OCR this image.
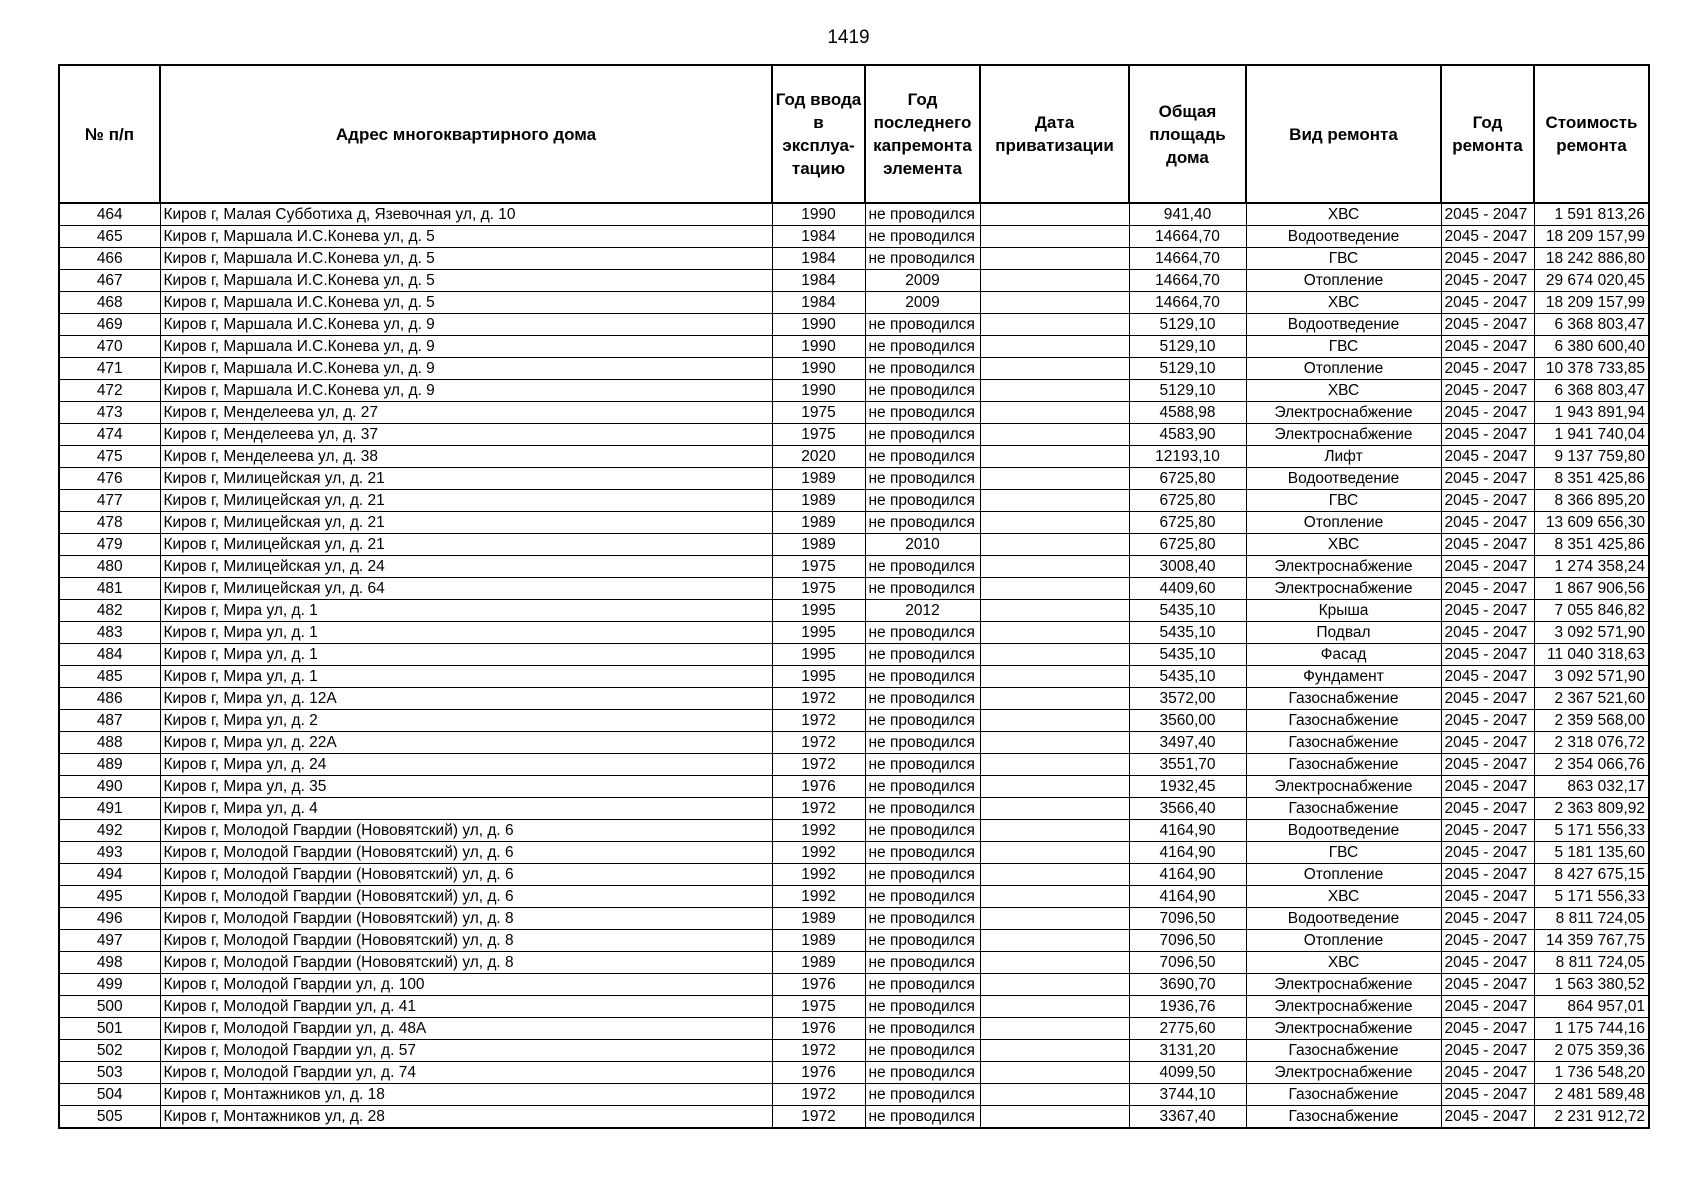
1419
№ п/п	Адрес многоквартирного дома	Год ввода в эксплуа-тацию	Год последнего капремонта элемента	Дата приватизации	Общая площадь дома	Вид ремонта	Год ремонта	Стоимость ремонта
464	Киров г, Малая Субботиха д, Язевочная ул, д. 10	1990	не проводился		941,40	ХВС	2045 - 2047	1 591 813,26
465	Киров г, Маршала И.С.Конева ул, д. 5	1984	не проводился		14664,70	Водоотведение	2045 - 2047	18 209 157,99
466	Киров г, Маршала И.С.Конева ул, д. 5	1984	не проводился		14664,70	ГВС	2045 - 2047	18 242 886,80
467	Киров г, Маршала И.С.Конева ул, д. 5	1984	2009		14664,70	Отопление	2045 - 2047	29 674 020,45
468	Киров г, Маршала И.С.Конева ул, д. 5	1984	2009		14664,70	ХВС	2045 - 2047	18 209 157,99
469	Киров г, Маршала И.С.Конева ул, д. 9	1990	не проводился		5129,10	Водоотведение	2045 - 2047	6 368 803,47
470	Киров г, Маршала И.С.Конева ул, д. 9	1990	не проводился		5129,10	ГВС	2045 - 2047	6 380 600,40
471	Киров г, Маршала И.С.Конева ул, д. 9	1990	не проводился		5129,10	Отопление	2045 - 2047	10 378 733,85
472	Киров г, Маршала И.С.Конева ул, д. 9	1990	не проводился		5129,10	ХВС	2045 - 2047	6 368 803,47
473	Киров г, Менделеева ул, д. 27	1975	не проводился		4588,98	Электроснабжение	2045 - 2047	1 943 891,94
474	Киров г, Менделеева ул, д. 37	1975	не проводился		4583,90	Электроснабжение	2045 - 2047	1 941 740,04
475	Киров г, Менделеева ул, д. 38	2020	не проводился		12193,10	Лифт	2045 - 2047	9 137 759,80
476	Киров г, Милицейская ул, д. 21	1989	не проводился		6725,80	Водоотведение	2045 - 2047	8 351 425,86
477	Киров г, Милицейская ул, д. 21	1989	не проводился		6725,80	ГВС	2045 - 2047	8 366 895,20
478	Киров г, Милицейская ул, д. 21	1989	не проводился		6725,80	Отопление	2045 - 2047	13 609 656,30
479	Киров г, Милицейская ул, д. 21	1989	2010		6725,80	ХВС	2045 - 2047	8 351 425,86
480	Киров г, Милицейская ул, д. 24	1975	не проводился		3008,40	Электроснабжение	2045 - 2047	1 274 358,24
481	Киров г, Милицейская ул, д. 64	1975	не проводился		4409,60	Электроснабжение	2045 - 2047	1 867 906,56
482	Киров г, Мира ул, д. 1	1995	2012		5435,10	Крыша	2045 - 2047	7 055 846,82
483	Киров г, Мира ул, д. 1	1995	не проводился		5435,10	Подвал	2045 - 2047	3 092 571,90
484	Киров г, Мира ул, д. 1	1995	не проводился		5435,10	Фасад	2045 - 2047	11 040 318,63
485	Киров г, Мира ул, д. 1	1995	не проводился		5435,10	Фундамент	2045 - 2047	3 092 571,90
486	Киров г, Мира ул, д. 12А	1972	не проводился		3572,00	Газоснабжение	2045 - 2047	2 367 521,60
487	Киров г, Мира ул, д. 2	1972	не проводился		3560,00	Газоснабжение	2045 - 2047	2 359 568,00
488	Киров г, Мира ул, д. 22А	1972	не проводился		3497,40	Газоснабжение	2045 - 2047	2 318 076,72
489	Киров г, Мира ул, д. 24	1972	не проводился		3551,70	Газоснабжение	2045 - 2047	2 354 066,76
490	Киров г, Мира ул, д. 35	1976	не проводился		1932,45	Электроснабжение	2045 - 2047	863 032,17
491	Киров г, Мира ул, д. 4	1972	не проводился		3566,40	Газоснабжение	2045 - 2047	2 363 809,92
492	Киров г, Молодой Гвардии (Нововятский) ул, д. 6	1992	не проводился		4164,90	Водоотведение	2045 - 2047	5 171 556,33
493	Киров г, Молодой Гвардии (Нововятский) ул, д. 6	1992	не проводился		4164,90	ГВС	2045 - 2047	5 181 135,60
494	Киров г, Молодой Гвардии (Нововятский) ул, д. 6	1992	не проводился		4164,90	Отопление	2045 - 2047	8 427 675,15
495	Киров г, Молодой Гвардии (Нововятский) ул, д. 6	1992	не проводился		4164,90	ХВС	2045 - 2047	5 171 556,33
496	Киров г, Молодой Гвардии (Нововятский) ул, д. 8	1989	не проводился		7096,50	Водоотведение	2045 - 2047	8 811 724,05
497	Киров г, Молодой Гвардии (Нововятский) ул, д. 8	1989	не проводился		7096,50	Отопление	2045 - 2047	14 359 767,75
498	Киров г, Молодой Гвардии (Нововятский) ул, д. 8	1989	не проводился		7096,50	ХВС	2045 - 2047	8 811 724,05
499	Киров г, Молодой Гвардии ул, д. 100	1976	не проводился		3690,70	Электроснабжение	2045 - 2047	1 563 380,52
500	Киров г, Молодой Гвардии ул, д. 41	1975	не проводился		1936,76	Электроснабжение	2045 - 2047	864 957,01
501	Киров г, Молодой Гвардии ул, д. 48А	1976	не проводился		2775,60	Электроснабжение	2045 - 2047	1 175 744,16
502	Киров г, Молодой Гвардии ул, д. 57	1972	не проводился		3131,20	Газоснабжение	2045 - 2047	2 075 359,36
503	Киров г, Молодой Гвардии ул, д. 74	1976	не проводился		4099,50	Электроснабжение	2045 - 2047	1 736 548,20
504	Киров г, Монтажников ул, д. 18	1972	не проводился		3744,10	Газоснабжение	2045 - 2047	2 481 589,48
505	Киров г, Монтажников ул, д. 28	1972	не проводился		3367,40	Газоснабжение	2045 - 2047	2 231 912,72
